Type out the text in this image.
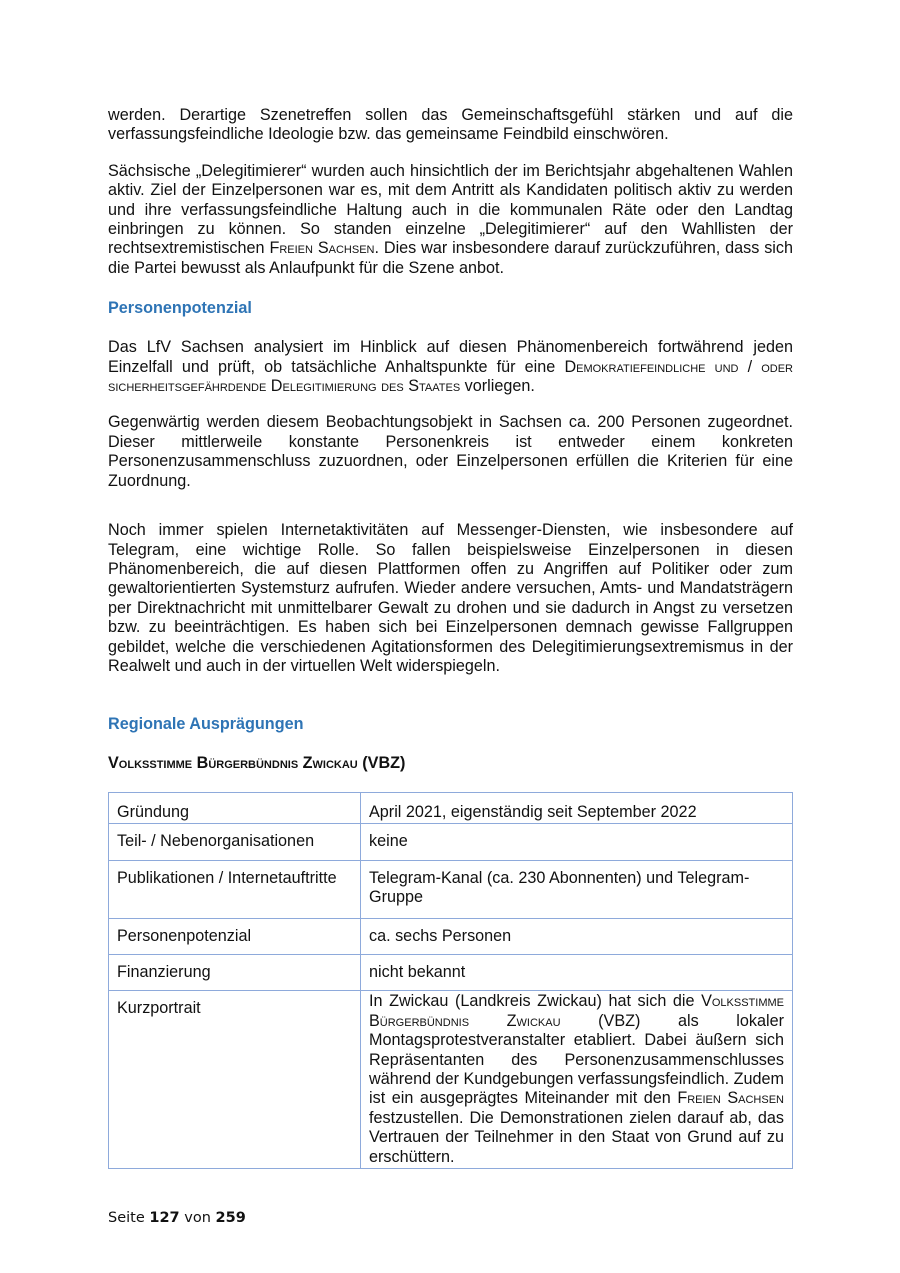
werden. Derartige Szenetreffen sollen das Gemeinschaftsgefühl stärken und auf die verfassungsfeindliche Ideologie bzw. das gemeinsame Feindbild einschwören.

Sächsische „Delegitimierer“ wurden auch hinsichtlich der im Berichtsjahr abgehaltenen Wahlen aktiv. Ziel der Einzelpersonen war es, mit dem Antritt als Kandidaten politisch aktiv zu werden und ihre verfassungsfeindliche Haltung auch in die kommunalen Räte oder den Landtag einbringen zu können. So standen einzelne „Delegitimierer“ auf den Wahllisten der rechtsextremistischen Freien Sachsen. Dies war insbesondere darauf zurückzuführen, dass sich die Partei bewusst als Anlaufpunkt für die Szene anbot.

Personenpotenzial

Das LfV Sachsen analysiert im Hinblick auf diesen Phänomenbereich fortwährend jeden Einzelfall und prüft, ob tatsächliche Anhaltspunkte für eine Demokratiefeindliche und / oder sicherheitsgefährdende Delegitimierung des Staates vorliegen.

Gegenwärtig werden diesem Beobachtungsobjekt in Sachsen ca. 200 Personen zugeordnet. Dieser mittlerweile konstante Personenkreis ist entweder einem konkreten Personenzusammenschluss zuzuordnen, oder Einzelpersonen erfüllen die Kriterien für eine Zuordnung.

Noch immer spielen Internetaktivitäten auf Messenger-Diensten, wie insbesondere auf Telegram, eine wichtige Rolle. So fallen beispielsweise Einzelpersonen in diesen Phänomenbereich, die auf diesen Plattformen offen zu Angriffen auf Politiker oder zum gewaltorientierten Systemsturz aufrufen. Wieder andere versuchen, Amts- und Mandatsträgern per Direktnachricht mit unmittelbarer Gewalt zu drohen und sie dadurch in Angst zu versetzen bzw. zu beeinträchtigen. Es haben sich bei Einzelpersonen demnach gewisse Fallgruppen gebildet, welche die verschiedenen Agitationsformen des Delegitimierungsextremismus in der Realwelt und auch in der virtuellen Welt widerspiegeln.

Regionale Ausprägungen

Volksstimme Bürgerbündnis Zwickau (VBZ)

Gründung	April 2021, eigenständig seit September 2022
Teil- / Nebenorganisationen	keine
Publikationen / Internetauftritte	Telegram-Kanal (ca. 230 Abonnenten) und Telegram-Gruppe
Personenpotenzial	ca. sechs Personen
Finanzierung	nicht bekannt
Kurzportrait	In Zwickau (Landkreis Zwickau) hat sich die Volksstimme Bürgerbündnis Zwickau (VBZ) als lokaler Montagsprotestveranstalter etabliert. Dabei äußern sich Repräsentanten des Personenzusammenschlusses während der Kundgebungen verfassungsfeindlich. Zudem ist ein ausgeprägtes Miteinander mit den Freien Sachsen festzustellen. Die Demonstrationen zielen darauf ab, das Vertrauen der Teilnehmer in den Staat von Grund auf zu erschüttern.
Seite 127 von 259
